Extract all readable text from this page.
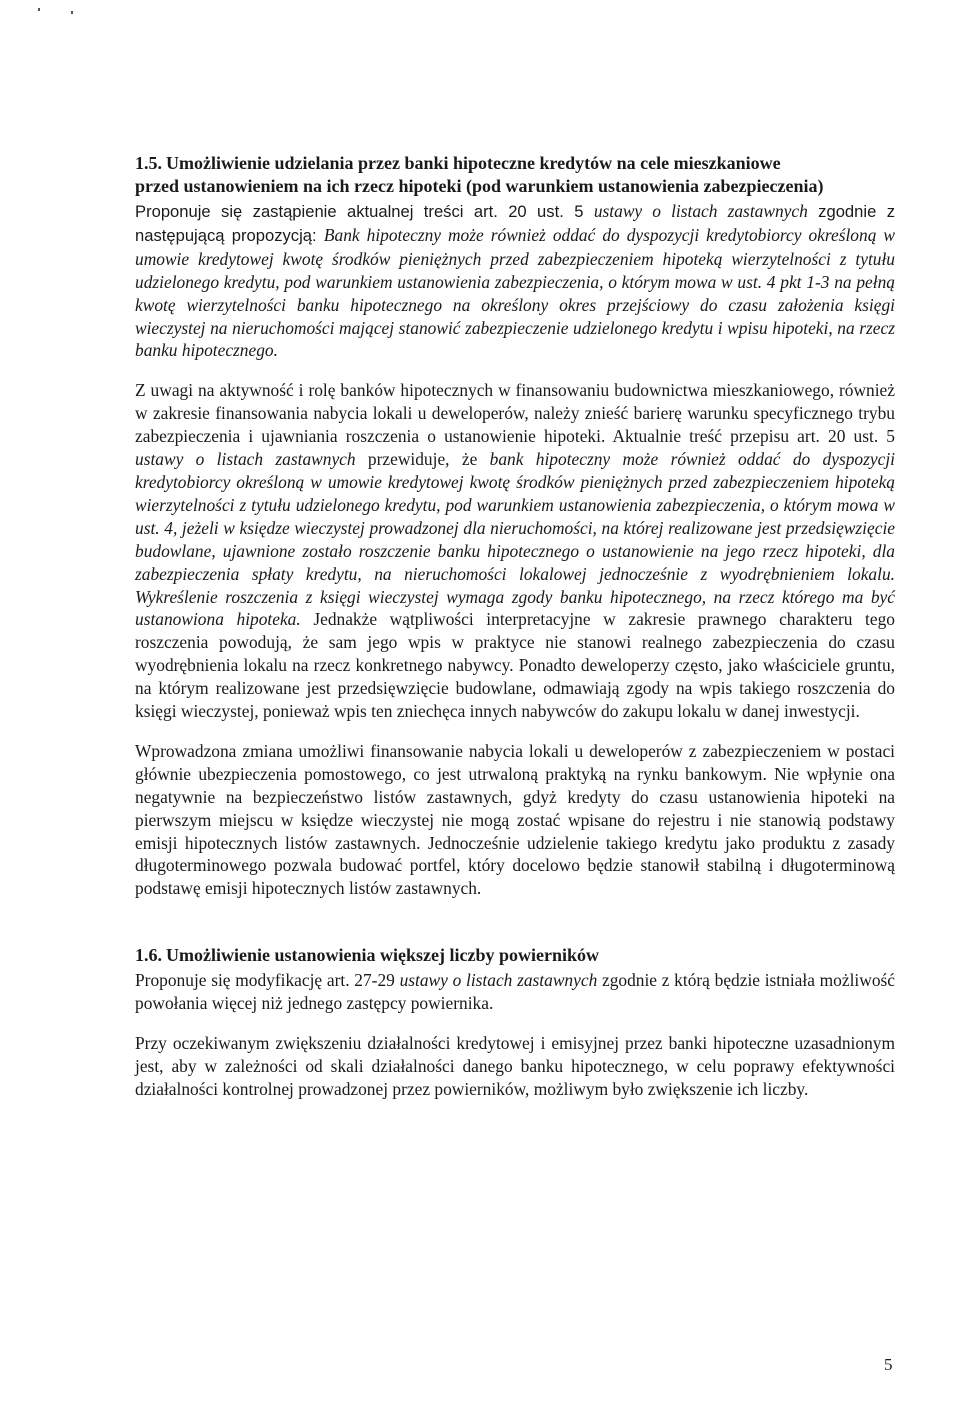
1.5. Umożliwienie udzielania przez banki hipoteczne kredytów na cele mieszkaniowe
przed ustanowieniem na ich rzecz hipoteki (pod warunkiem ustanowienia zabezpieczenia)

Proponuje się zastąpienie aktualnej treści art. 20 ust. 5 ustawy o listach zastawnych zgodnie z następującą propozycją: Bank hipoteczny może również oddać do dyspozycji kredytobiorcy określoną w umowie kredytowej kwotę środków pieniężnych przed zabezpieczeniem hipoteką wierzytelności z tytułu udzielonego kredytu, pod warunkiem ustanowienia zabezpieczenia, o którym mowa w ust. 4 pkt 1-3 na pełną kwotę wierzytelności banku hipotecznego na określony okres przejściowy do czasu założenia księgi wieczystej na nieruchomości mającej stanowić zabezpieczenie udzielonego kredytu i wpisu hipoteki, na rzecz banku hipotecznego.

Z uwagi na aktywność i rolę banków hipotecznych w finansowaniu budownictwa mieszkaniowego, również w zakresie finansowania nabycia lokali u deweloperów, należy znieść barierę warunku specyficznego trybu zabezpieczenia i ujawniania roszczenia o ustanowienie hipoteki. Aktualnie treść przepisu art. 20 ust. 5 ustawy o listach zastawnych przewiduje, że bank hipoteczny może również oddać do dyspozycji kredytobiorcy określoną w umowie kredytowej kwotę środków pieniężnych przed zabezpieczeniem hipoteką wierzytelności z tytułu udzielonego kredytu, pod warunkiem ustanowienia zabezpieczenia, o którym mowa w ust. 4, jeżeli w księdze wieczystej prowadzonej dla nieruchomości, na której realizowane jest przedsięwzięcie budowlane, ujawnione zostało roszczenie banku hipotecznego o ustanowienie na jego rzecz hipoteki, dla zabezpieczenia spłaty kredytu, na nieruchomości lokalowej jednocześnie z wyodrębnieniem lokalu. Wykreślenie roszczenia z księgi wieczystej wymaga zgody banku hipotecznego, na rzecz którego ma być ustanowiona hipoteka. Jednakże wątpliwości interpretacyjne w zakresie prawnego charakteru tego roszczenia powodują, że sam jego wpis w praktyce nie stanowi realnego zabezpieczenia do czasu wyodrębnienia lokalu na rzecz konkretnego nabywcy. Ponadto deweloperzy często, jako właściciele gruntu, na którym realizowane jest przedsięwzięcie budowlane, odmawiają zgody na wpis takiego roszczenia do księgi wieczystej, ponieważ wpis ten zniechęca innych nabywców do zakupu lokalu w danej inwestycji.

Wprowadzona zmiana umożliwi finansowanie nabycia lokali u deweloperów z zabezpieczeniem w postaci głównie ubezpieczenia pomostowego, co jest utrwaloną praktyką na rynku bankowym. Nie wpłynie ona negatywnie na bezpieczeństwo listów zastawnych, gdyż kredyty do czasu ustanowienia hipoteki na pierwszym miejscu w księdze wieczystej nie mogą zostać wpisane do rejestru i nie stanowią podstawy emisji hipotecznych listów zastawnych. Jednocześnie udzielenie takiego kredytu jako produktu z zasady długoterminowego pozwala budować portfel, który docelowo będzie stanowił stabilną i długoterminową podstawę emisji hipotecznych listów zastawnych.

1.6. Umożliwienie ustanowienia większej liczby powierników

Proponuje się modyfikację art. 27-29 ustawy o listach zastawnych zgodnie z którą będzie istniała możliwość powołania więcej niż jednego zastępcy powiernika.

Przy oczekiwanym zwiększeniu działalności kredytowej i emisyjnej przez banki hipoteczne uzasadnionym jest, aby w zależności od skali działalności danego banku hipotecznego, w celu poprawy efektywności działalności kontrolnej prowadzonej przez powierników, możliwym było zwiększenie ich liczby.

5
